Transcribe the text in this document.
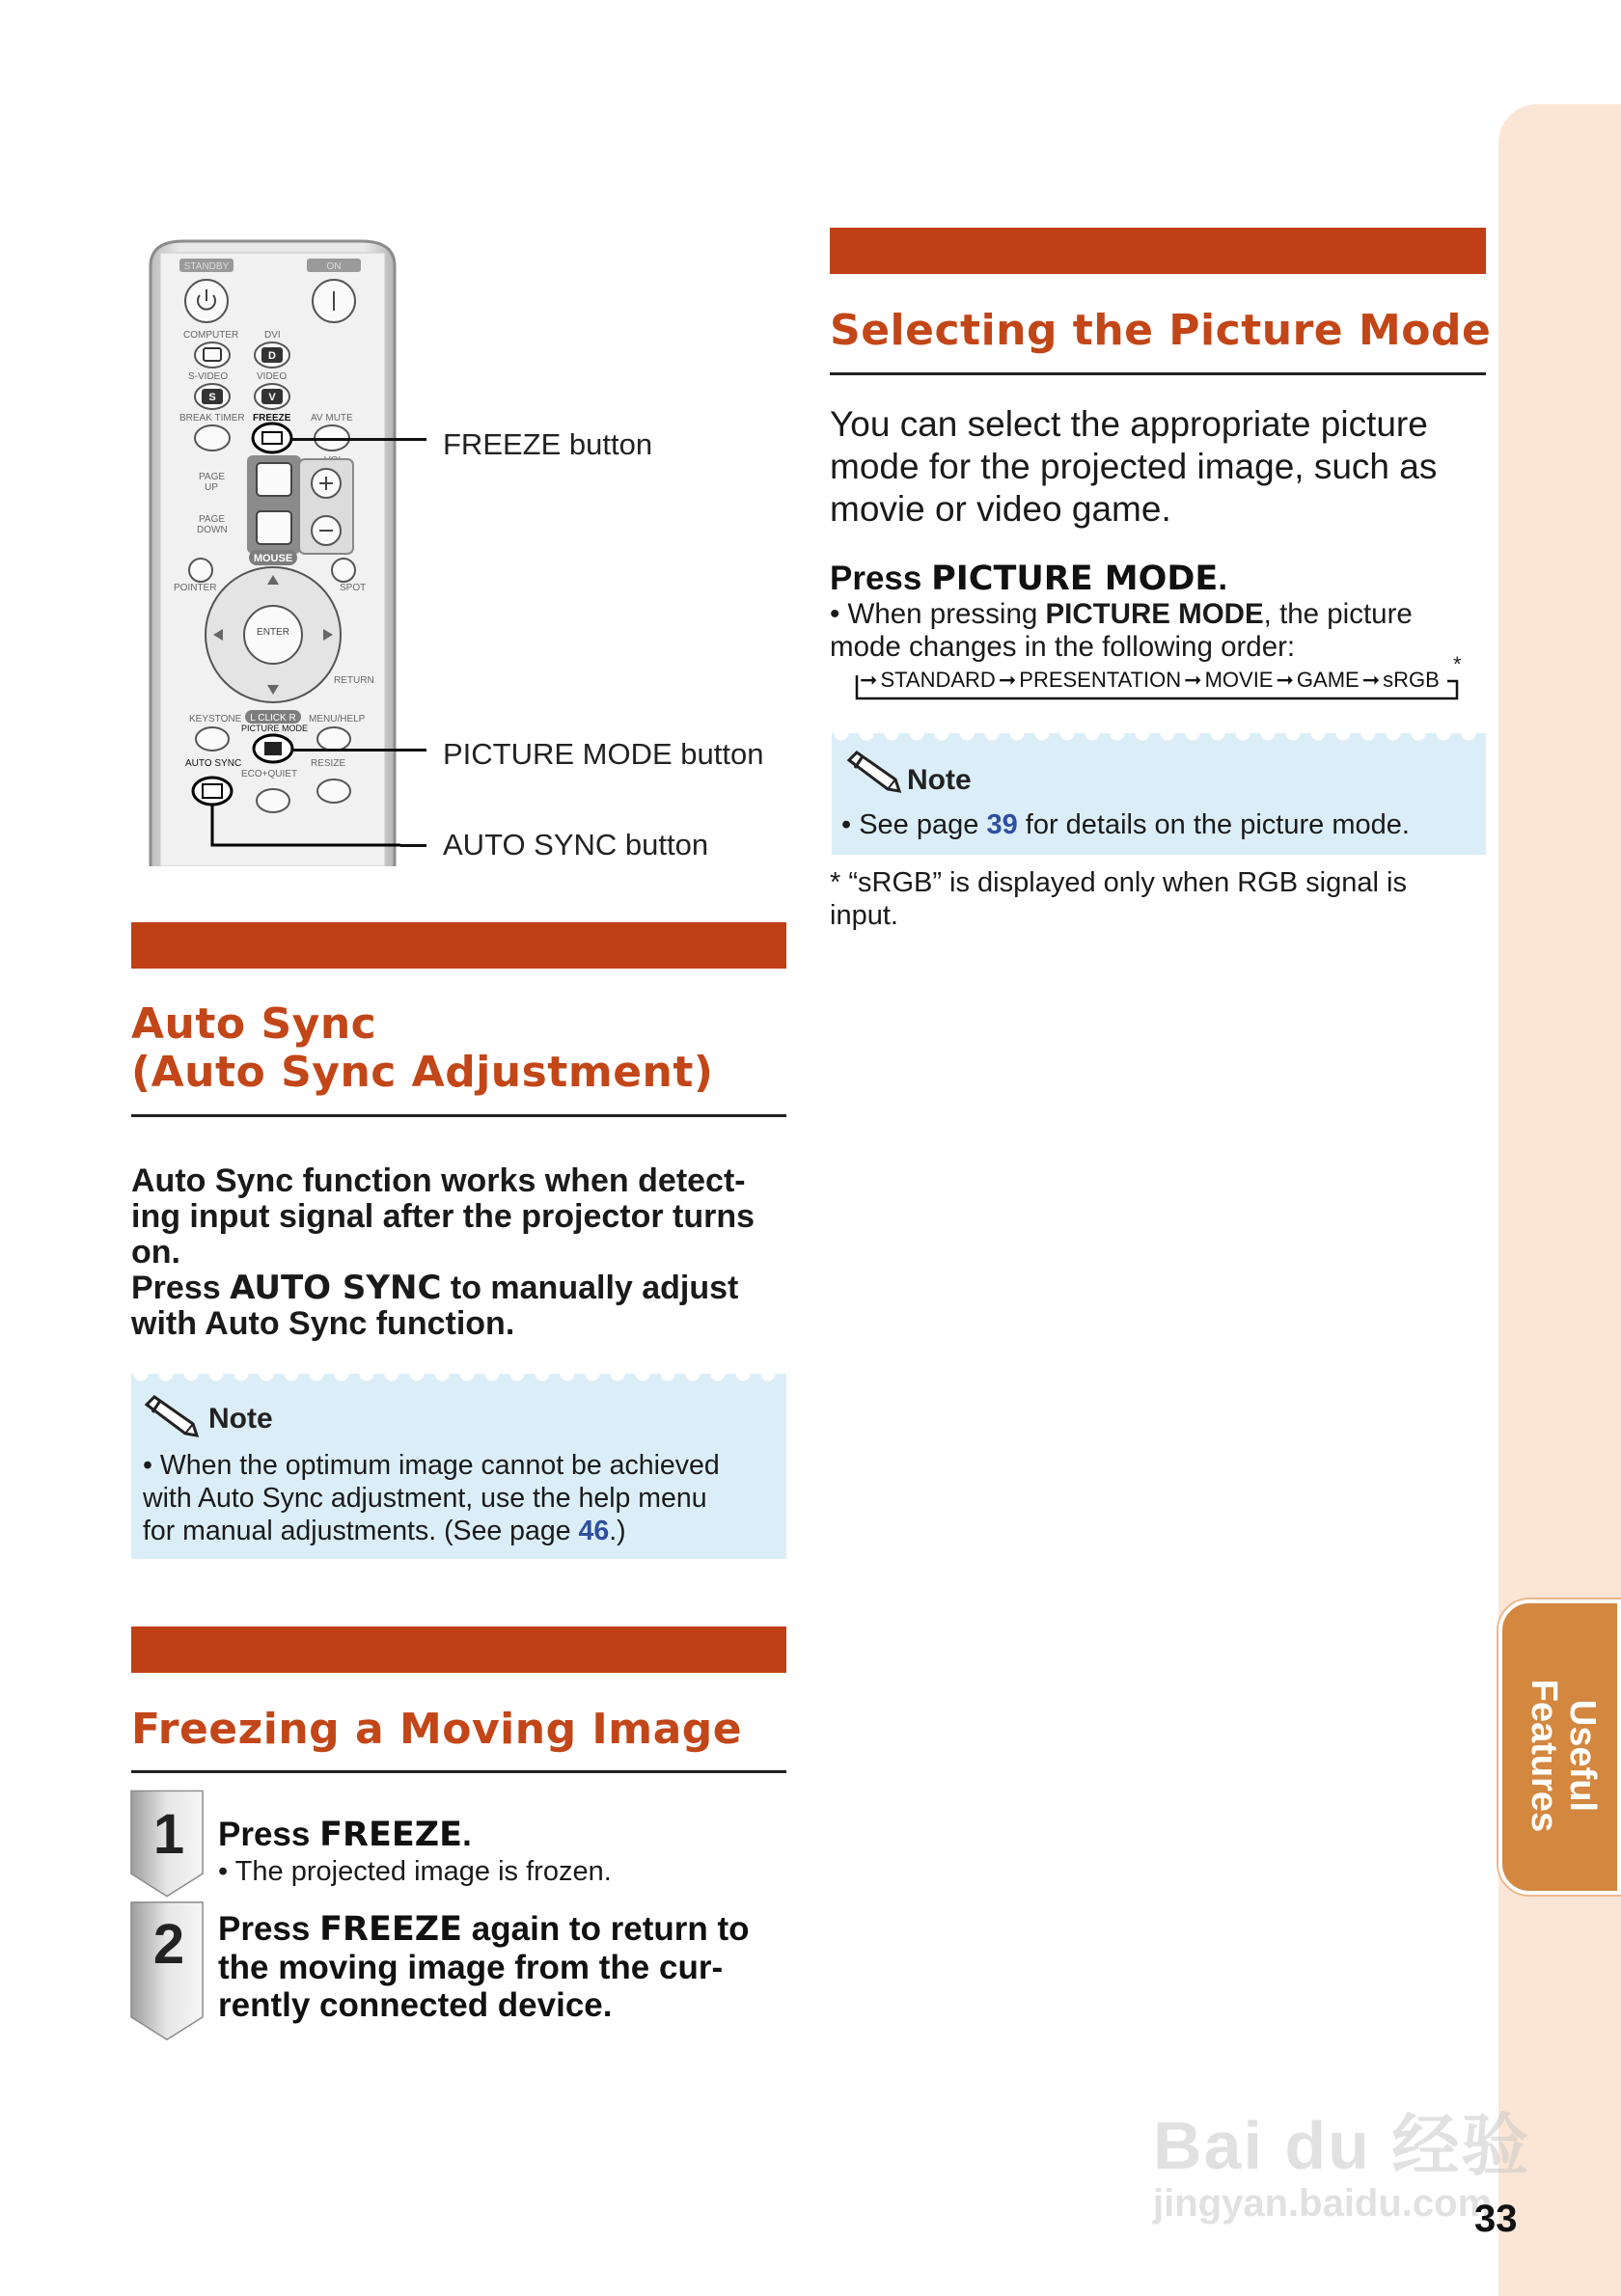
Useful Features
STANDBY	ON
COMPUTER	DVI
S-VIDEO	VIDEO
BREAK TIMER FREEZE AV MUTE
PAGE
UP
PAGE
DOWN
POINTER	SPOT
RETURN
KEYSTONE	MENU/HELP
PICTURE MODE
AUTO SYNC	RESIZE
ECO+QUIET
D
S	V
MOUSE
ENTER
L CLICK R
FREEZE button
PICTURE MODE button
AUTO SYNC button
Auto Sync
(Auto Sync Adjustment)
Auto Sync function works when detect-
ing input signal after the projector turns
on.
Press AUTO SYNC to manually adjust
with Auto Sync function.
Note
• When the optimum image cannot be achieved
with Auto Sync adjustment, use the help menu
for manual adjustments. (See page 46.)
Freezing a Moving Image
1 Press FREEZE.
• The projected image is frozen.
2 Press FREEZE again to return to
the moving image from the cur-
rently connected device.
Selecting the Picture Mode
You can select the appropriate picture
mode for the projected image, such as
movie or video game.
Press PICTURE MODE.
• When pressing PICTURE MODE, the picture
mode changes in the following order:
➞ STANDARD ➞ PRESENTATION ➞ MOVIE ➞ GAME ➞ sRGB
*
Note
• See page 39 for details on the picture mode.
* “sRGB” is displayed only when RGB signal is
input.
Bai du 经验
jingyan.baidu.com
33
